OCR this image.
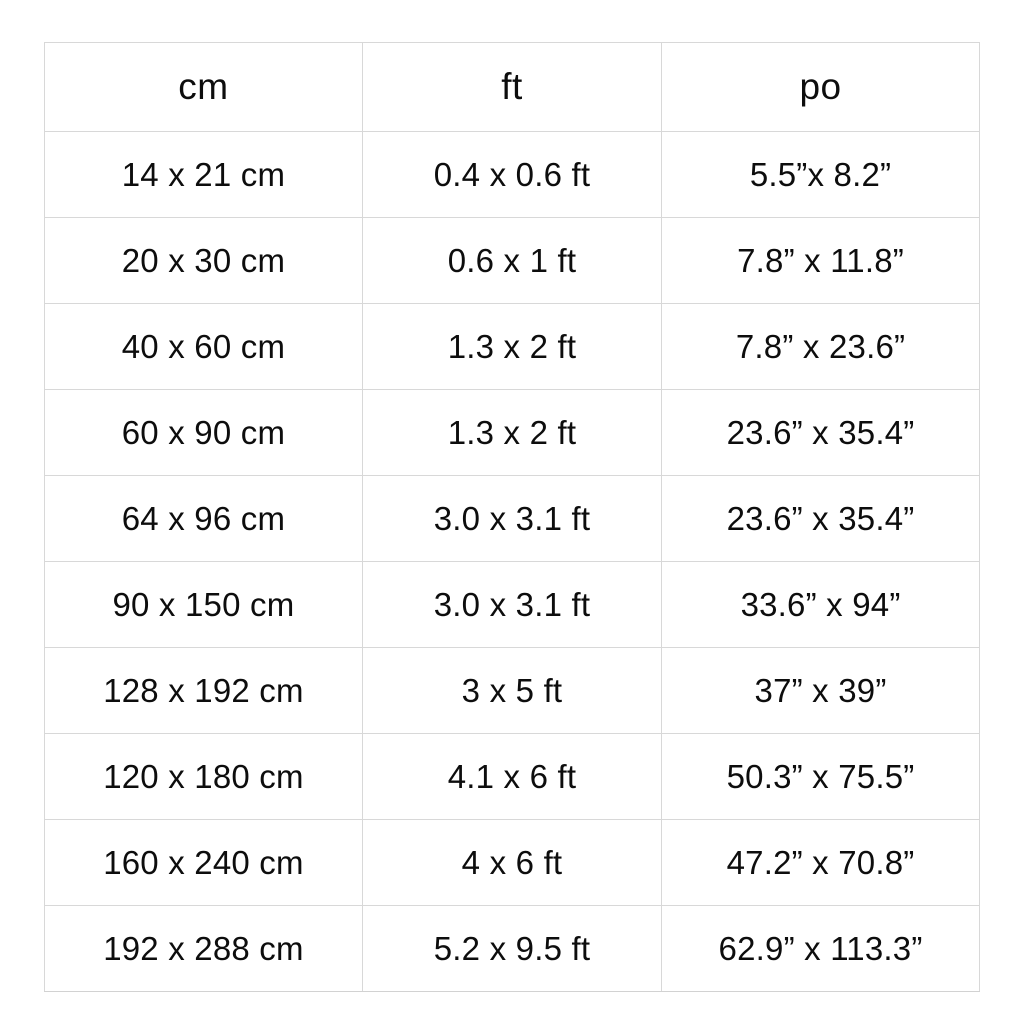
cm	ft	po
14 x 21 cm	0.4 x 0.6 ft	5.5”x 8.2”
20 x 30 cm	0.6 x 1 ft	7.8” x 11.8”
40 x 60 cm	1.3 x 2 ft	7.8” x 23.6”
60 x 90 cm	1.3 x 2 ft	23.6” x 35.4”
64 x 96 cm	3.0 x 3.1 ft	23.6” x 35.4”
90 x 150 cm	3.0 x 3.1 ft	33.6” x 94”
128 x 192 cm	3 x 5 ft	37” x 39”
120 x 180 cm	4.1 x 6 ft	50.3” x 75.5”
160 x 240 cm	4 x 6 ft	47.2” x 70.8”
192 x 288 cm	5.2 x 9.5 ft	62.9” x 113.3”
